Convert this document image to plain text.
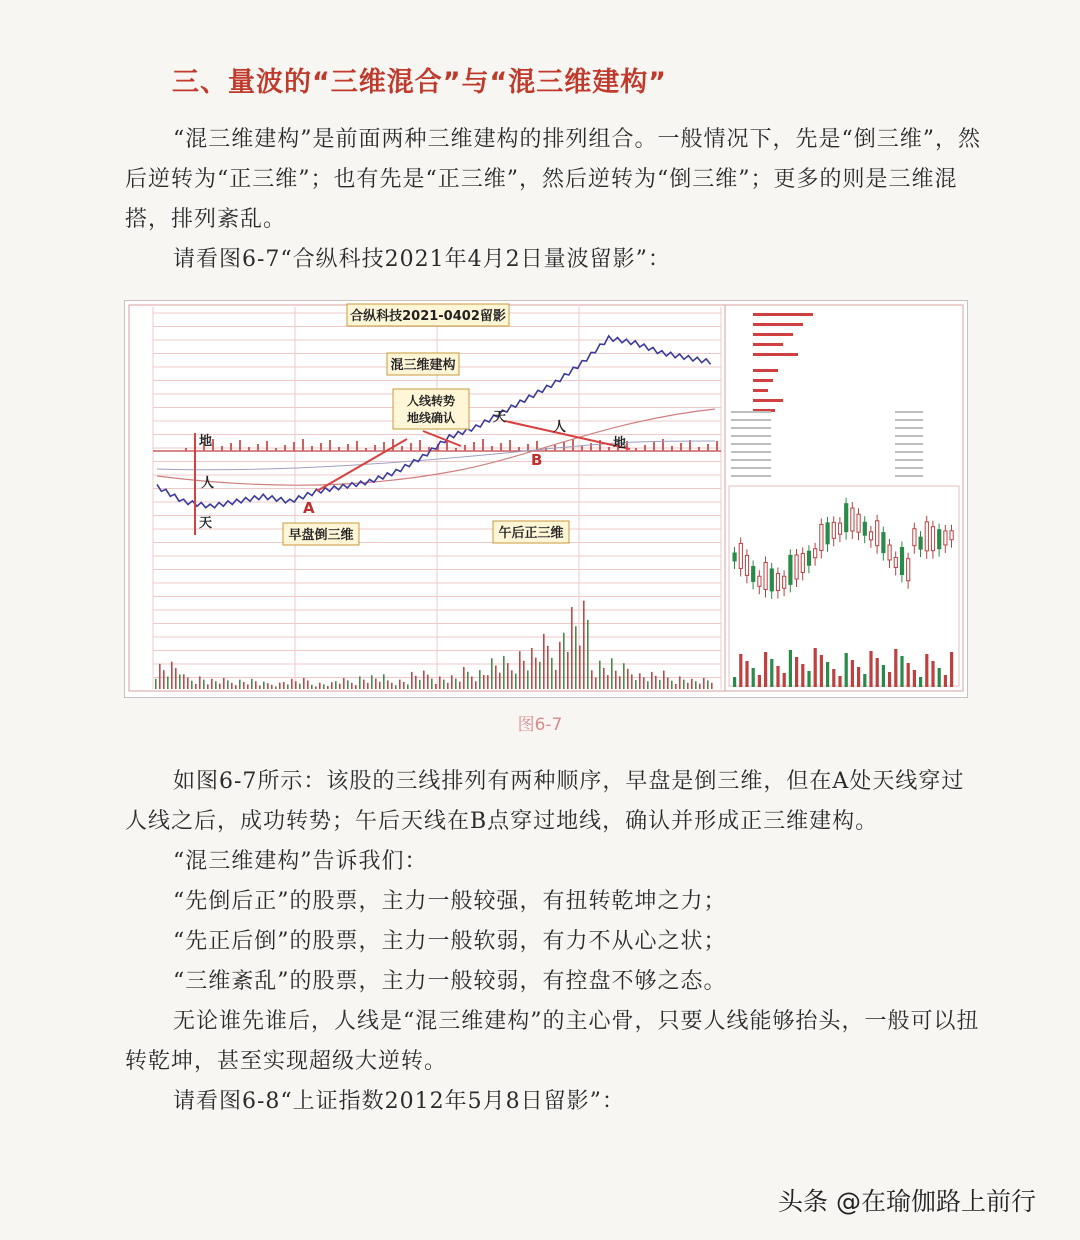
三、量波的“三维混合”与“混三维建构”
“混三维建构”是前面两种三维建构的排列组合。一般情况下，先是“倒三维”，然后逆转为“正三维”；也有先是“正三维”，然后逆转为“倒三维”；更多的则是三维混搭，排列紊乱。
请看图6-7“合纵科技2021年4月2日量波留影”：
合纵科技2021-0402留影
混三维建构
人线转势
地线确认
早盘倒三维	午后正三维
A
B
天
人
地
天
人
地
图6-7
如图6-7所示：该股的三线排列有两种顺序，早盘是倒三维，但在A处天线穿过人线之后，成功转势；午后天线在B点穿过地线，确认并形成正三维建构。
“混三维建构”告诉我们：
“先倒后正”的股票，主力一般较强，有扭转乾坤之力；
“先正后倒”的股票，主力一般软弱，有力不从心之状；
“三维紊乱”的股票，主力一般较弱，有控盘不够之态。
无论谁先谁后，人线是“混三维建构”的主心骨，只要人线能够抬头，一般可以扭转乾坤，甚至实现超级大逆转。
请看图6-8“上证指数2012年5月8日留影”：
头条 @在瑜伽路上前行
